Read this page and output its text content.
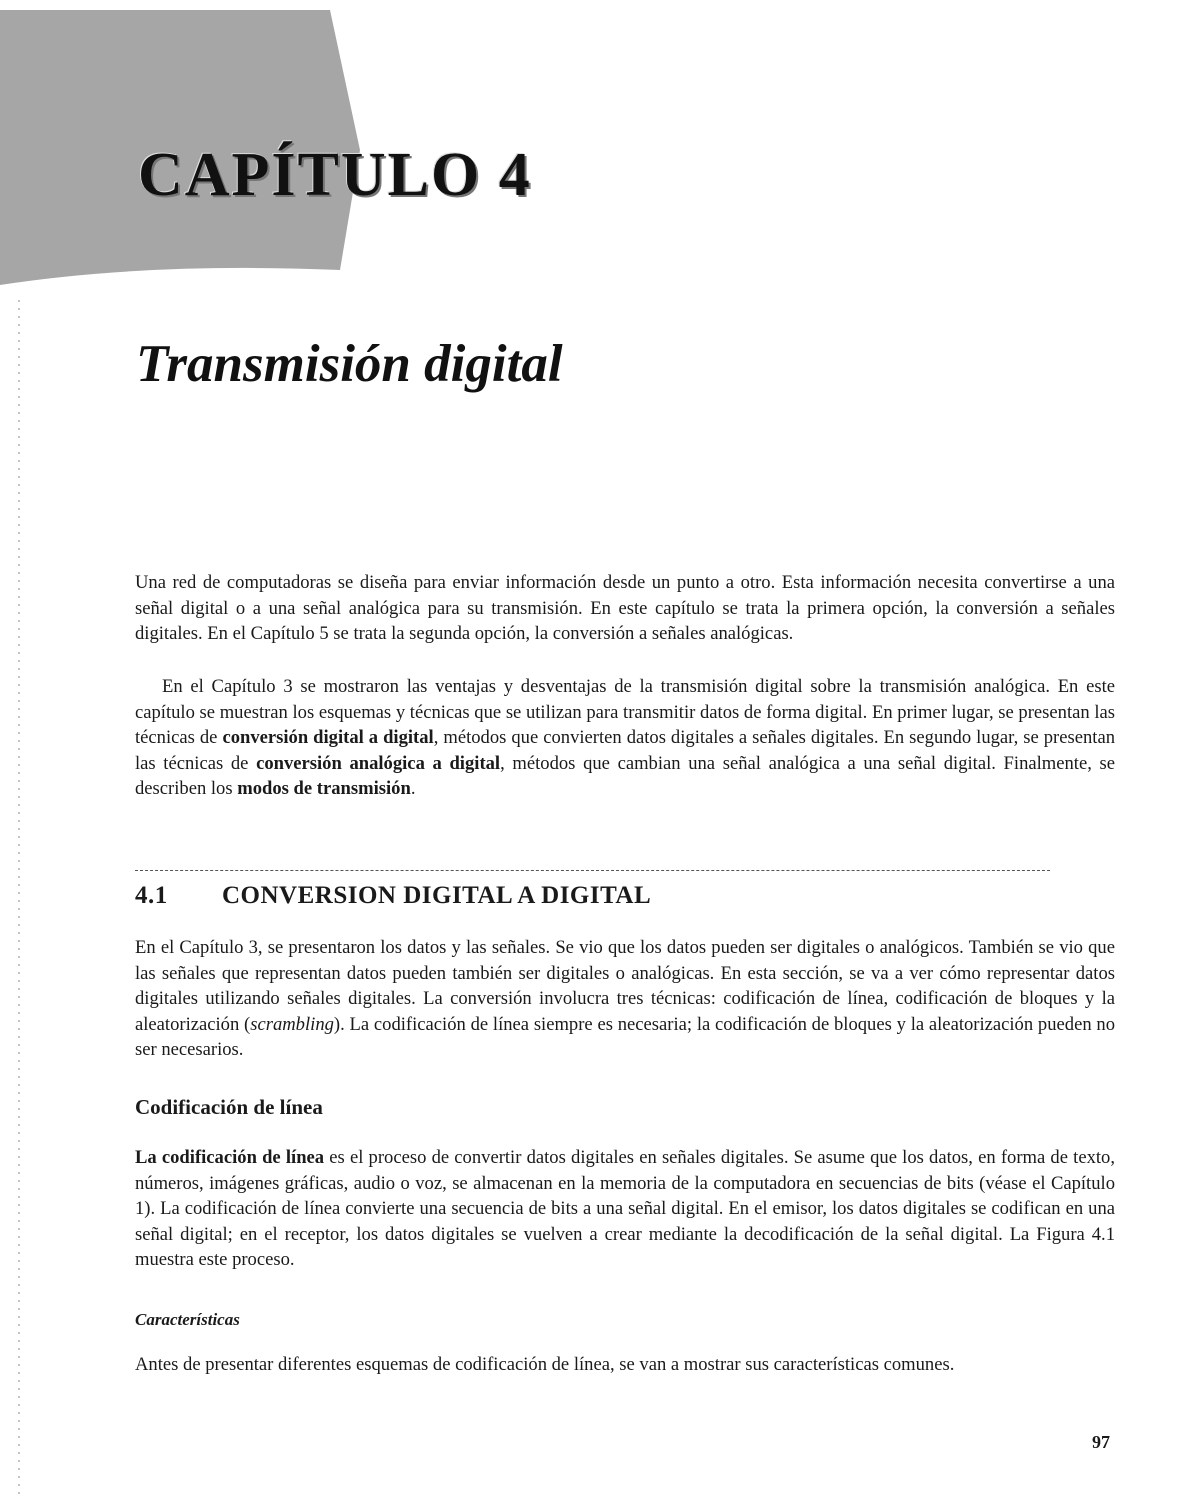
CAPÍTULO 4
Transmisión digital

Una red de computadoras se diseña para enviar información desde un punto a otro. Esta información necesita convertirse a una señal digital o a una señal analógica para su transmisión. En este capítulo se trata la primera opción, la conversión a señales digitales. En el Capítulo 5 se trata la segunda opción, la conversión a señales analógicas.

En el Capítulo 3 se mostraron las ventajas y desventajas de la transmisión digital sobre la transmisión analógica. En este capítulo se muestran los esquemas y técnicas que se utilizan para transmitir datos de forma digital. En primer lugar, se presentan las técnicas de conversión digital a digital, métodos que convierten datos digitales a señales digitales. En segundo lugar, se presentan las técnicas de conversión analógica a digital, métodos que cambian una señal analógica a una señal digital. Finalmente, se describen los modos de transmisión.

4.1 CONVERSION DIGITAL A DIGITAL

En el Capítulo 3, se presentaron los datos y las señales. Se vio que los datos pueden ser digitales o analógicos. También se vio que las señales que representan datos pueden también ser digitales o analógicas. En esta sección, se va a ver cómo representar datos digitales utilizando señales digitales. La conversión involucra tres técnicas: codificación de línea, codificación de bloques y la aleatorización (scrambling). La codificación de línea siempre es necesaria; la codificación de bloques y la aleatorización pueden no ser necesarios.

Codificación de línea

La codificación de línea es el proceso de convertir datos digitales en señales digitales. Se asume que los datos, en forma de texto, números, imágenes gráficas, audio o voz, se almacenan en la memoria de la computadora en secuencias de bits (véase el Capítulo 1). La codificación de línea convierte una secuencia de bits a una señal digital. En el emisor, los datos digitales se codifican en una señal digital; en el receptor, los datos digitales se vuelven a crear mediante la decodificación de la señal digital. La Figura 4.1 muestra este proceso.

Características

Antes de presentar diferentes esquemas de codificación de línea, se van a mostrar sus características comunes.

97
